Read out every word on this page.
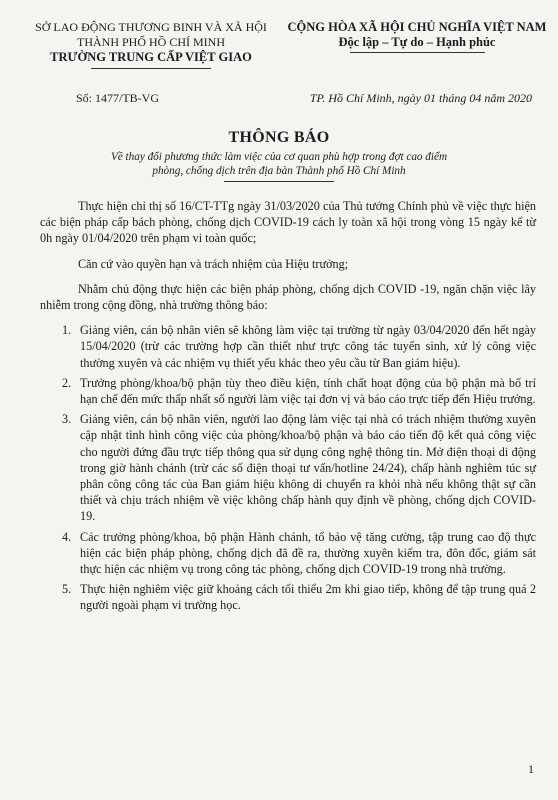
SỞ LAO ĐỘNG THƯƠNG BINH VÀ XÃ HỘI
THÀNH PHỐ HỒ CHÍ MINH
TRƯỜNG TRUNG CẤP VIỆT GIAO
CỘNG HÒA XÃ HỘI CHỦ NGHĨA VIỆT NAM
Độc lập – Tự do – Hạnh phúc
Số: 1477/TB-VG	TP. Hồ Chí Minh, ngày 01 tháng 04 năm 2020
THÔNG BÁO
Về thay đổi phương thức làm việc của cơ quan phù hợp trong đợt cao điểm
phòng, chống dịch trên địa bàn Thành phố Hồ Chí Minh

Thực hiện chỉ thị số 16/CT-TTg ngày 31/03/2020 của Thủ tướng Chính phủ về việc thực hiện các biện pháp cấp bách phòng, chống dịch COVID-19 cách ly toàn xã hội trong vòng 15 ngày kể từ 0h ngày 01/04/2020 trên phạm vi toàn quốc;

Căn cứ vào quyền hạn và trách nhiệm của Hiệu trưởng;

Nhằm chủ động thực hiện các biện pháp phòng, chống dịch COVID -19, ngăn chặn việc lây nhiễm trong cộng đồng, nhà trường thông báo:

1. Giảng viên, cán bộ nhân viên sẽ không làm việc tại trường từ ngày 03/04/2020 đến hết ngày 15/04/2020 (trừ các trường hợp cần thiết như trực công tác tuyển sinh, xử lý công việc thường xuyên và các nhiệm vụ thiết yếu khác theo yêu cầu từ Ban giám hiệu).
2. Trưởng phòng/khoa/bộ phận tùy theo điều kiện, tính chất hoạt động của bộ phận mà bố trí hạn chế đến mức thấp nhất số người làm việc tại đơn vị và báo cáo trực tiếp đến Hiệu trưởng.
3. Giảng viên, cán bộ nhân viên, người lao động làm việc tại nhà có trách nhiệm thường xuyên cập nhật tình hình công việc của phòng/khoa/bộ phận và báo cáo tiến độ kết quả công việc cho người đứng đầu trực tiếp thông qua sử dụng công nghệ thông tin. Mở điện thoại di động trong giờ hành chánh (trừ các số điện thoại tư vấn/hotline 24/24), chấp hành nghiêm túc sự phân công công tác của Ban giám hiệu không di chuyển ra khỏi nhà nếu không thật sự cần thiết và chịu trách nhiệm về việc không chấp hành quy định về phòng, chống dịch COVID-19.
4. Các trưởng phòng/khoa, bộ phận Hành chánh, tổ bảo vệ tăng cường, tập trung cao độ thực hiện các biện pháp phòng, chống dịch đã đề ra, thường xuyên kiểm tra, đôn đốc, giám sát thực hiện các nhiệm vụ trong công tác phòng, chống dịch COVID-19 trong nhà trường.
5. Thực hiện nghiêm việc giữ khoảng cách tối thiểu 2m khi giao tiếp, không để tập trung quá 2 người ngoài phạm vi trường học.
1
